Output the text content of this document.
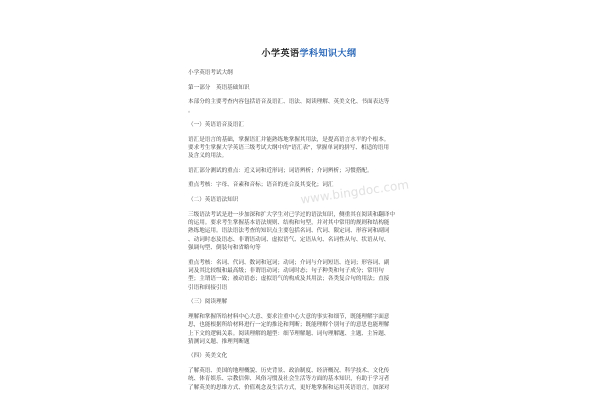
小学英语学科知识大纲
小学英语考试大纲
第一部分　英语基础知识
本部分的主要考查内容包括语音及语汇、语法、阅读理解、英美文化、书面表达等
。
（一）英语语音及语汇
语汇是语言的基础，掌握语汇并能熟练地掌握其用法，是提高语言水平的个根本。
要求考生掌握大学英语三级考试大纲中的"语汇表"，掌握单词的拼写、相适的语用
及含义的用法。
语汇部分测试的重点：近义词和近形词；词语辨析；介词辨析；习惯搭配。
重点考核：字母、音素和音标；语音的连合及其变化；词汇
（二）英语语法知识
三级语法考试是进一步加深和扩大学生对已学过的语法知识，侧重其在阅读和翻译中
的运用。要求考生掌握基本语法规则、结构和句型，并对其中常用的规则和结构能
熟练地运用。语法语法考查的知识点主要包括名词、代词、限定词、形容词和副词
、动词时态及语态、非谓语动词、虚拟语气、定语从句、名词性从句、状语从句、
强调句型、倒装句和省略句等
重点考核：名词、代词、数词和冠词；动词；介词与介词短语、连词；形容词、副
词及其比较级和最高级；非谓语动词；动词时态；句子种类和句子成分；常用句
型；主谓语一致；被动语态；虚拟语气的构成及其用法；各类复合句的用法；直接
引语和间接引语
（三）阅读理解
理解和掌握所给材料中心大意、要求注重中心大意的事实和细节，既能理解字面意
思，也能根据所给材料进行一定的推论和判断；既能理解个别句子的意思也能理解
上下文的逻辑关系。阅读理解的题型：细节理解题、词句理解题、主题、主旨题、
猜测词义题、推理判断题
（四）英美文化
了解英语、美国的地理概貌、历史背景、政治制度、经济概况、科学技术、文化传
统、体育娱乐、宗教信仰、风俗习惯及社会生活等方面的基本知识，有助于学习者
了解英美的思维方式、价值观念及生活方式，更好地掌握和运用英语语言，加深对
www.bingdoc.com
